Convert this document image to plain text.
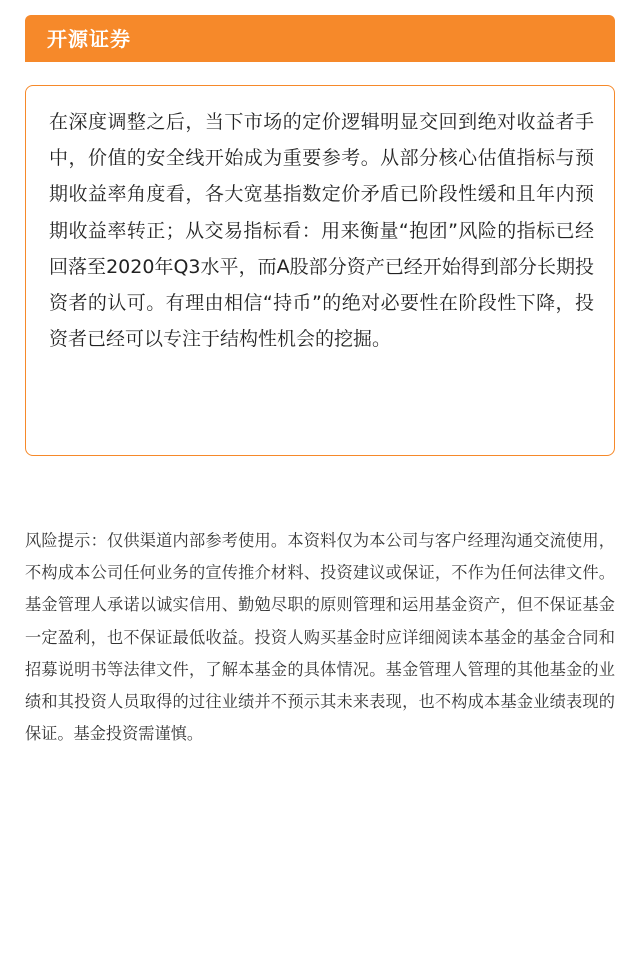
开源证券

在深度调整之后，当下市场的定价逻辑明显交回到绝对收益者手中，价值的安全线开始成为重要参考。从部分核心估值指标与预期收益率角度看，各大宽基指数定价矛盾已阶段性缓和且年内预期收益率转正；从交易指标看：用来衡量“抱团”风险的指标已经回落至2020年Q3水平，而A股部分资产已经开始得到部分长期投资者的认可。有理由相信“持币”的绝对必要性在阶段性下降，投资者已经可以专注于结构性机会的挖掘。

风险提示：仅供渠道内部参考使用。本资料仅为本公司与客户经理沟通交流使用，不构成本公司任何业务的宣传推介材料、投资建议或保证，不作为任何法律文件。基金管理人承诺以诚实信用、勤勉尽职的原则管理和运用基金资产，但不保证基金一定盈利，也不保证最低收益。投资人购买基金时应详细阅读本基金的基金合同和招募说明书等法律文件，了解本基金的具体情况。基金管理人管理的其他基金的业绩和其投资人员取得的过往业绩并不预示其未来表现，也不构成本基金业绩表现的保证。基金投资需谨慎。
